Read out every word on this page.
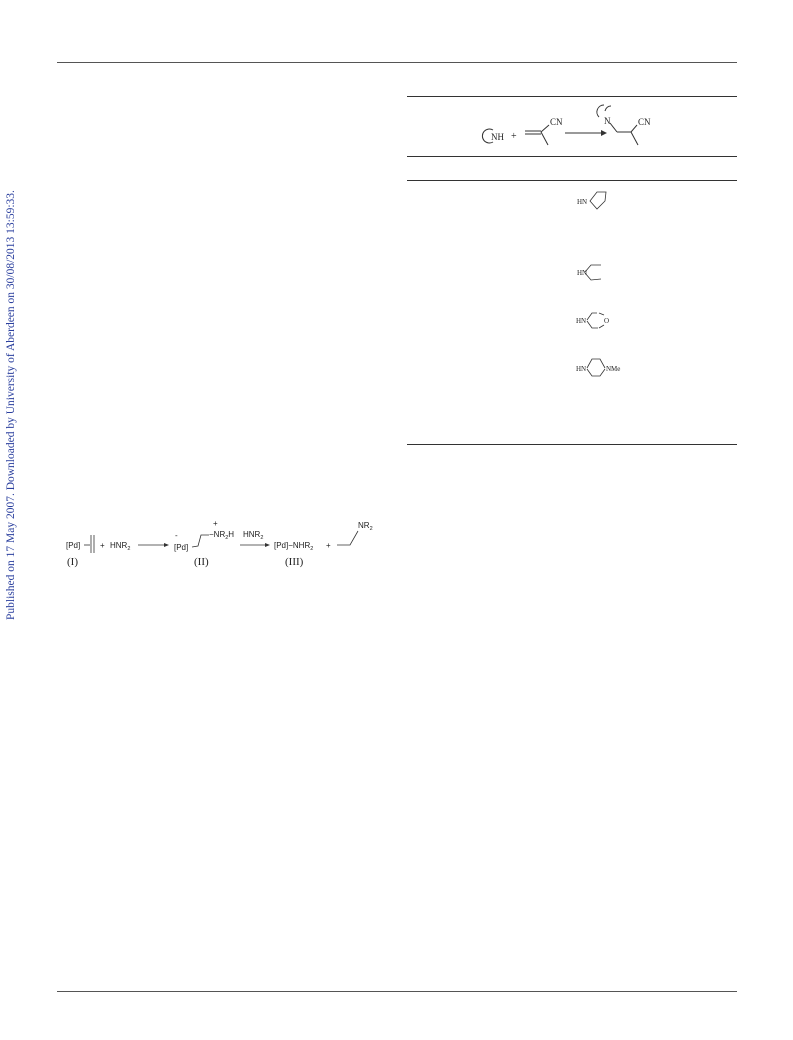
Published on 17 May 2007. Downloaded by University of Aberdeen on 30/08/2013 13:59:33.
NH +
CN	N	CN
HN
HN
HN	O
HN	NMe
$[Pd] + HNR_2$
-
[Pd]
+
$-NR_2H$ $HNR_2$
$[Pd]-NHR_2$ +
$NR_2$
(I)	(II)	(III)
